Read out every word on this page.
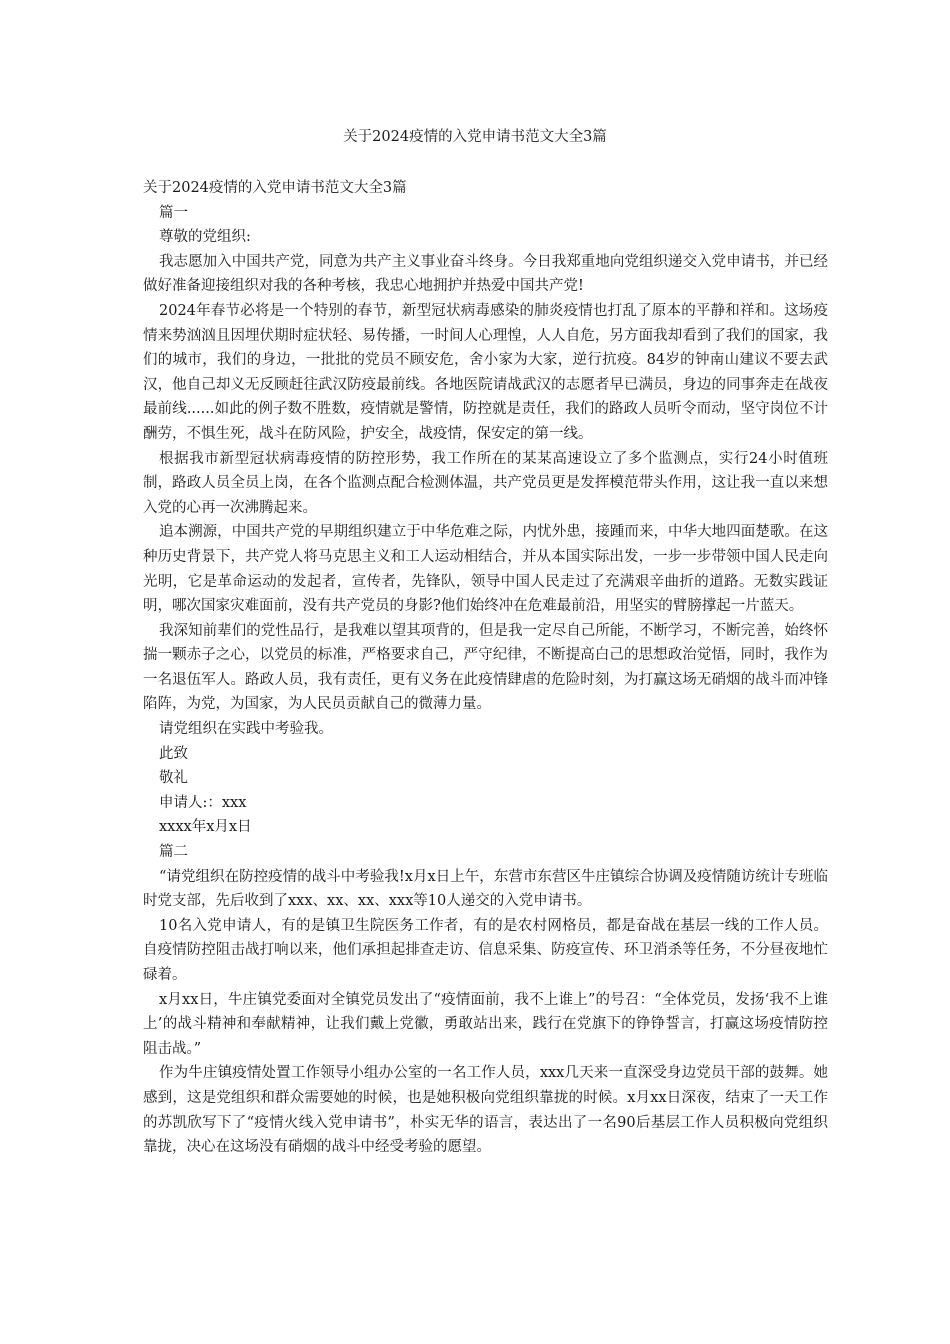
关于2024疫情的入党申请书范文大全3篇

关于2024疫情的入党申请书范文大全3篇

篇一

尊敬的党组织:

我志愿加入中国共产党，同意为共产主义事业奋斗终身。今日我郑重地向党组织递交入党申请书，并已经做好准备迎接组织对我的各种考核，我忠心地拥护并热爱中国共产党!

2024年春节必将是一个特别的春节，新型冠状病毒感染的肺炎疫情也打乱了原本的平静和祥和。这场疫情来势汹汹且因埋伏期时症状轻、易传播，一时间人心理惶，人人自危，另方面我却看到了我们的国家，我们的城市，我们的身边，一批批的党员不顾安危，舍小家为大家，逆行抗疫。84岁的钟南山建议不要去武汉，他自己却义无反顾赶往武汉防疫最前线。各地医院请战武汉的志愿者早已满员，身边的同事奔走在战夜最前线......如此的例子数不胜数，疫情就是警情，防控就是责任，我们的路政人员听令而动，坚守岗位不计酬劳，不惧生死，战斗在防风险，护安全，战疫情，保安定的第一线。

根据我市新型冠状病毒疫情的防控形势，我工作所在的某某高速设立了多个监测点，实行24小时值班制，路政人员全员上岗，在各个监测点配合检测体温，共产党员更是发挥模范带头作用，这让我一直以来想入党的心再一次沸腾起来。

追本溯源，中国共产党的早期组织建立于中华危难之际，内忧外患，接踵而来，中华大地四面楚歌。在这种历史背景下，共产党人将马克思主义和工人运动相结合，并从本国实际出发，一步一步带领中国人民走向光明，它是革命运动的发起者，宣传者，先锋队，领导中国人民走过了充满艰辛曲折的道路。无数实践证明，哪次国家灾难面前，没有共产党员的身影?他们始终冲在危难最前沿，用坚实的臂膀撑起一片蓝天。

我深知前辈们的党性品行，是我难以望其项背的，但是我一定尽自己所能，不断学习，不断完善，始终怀揣一颗赤子之心，以党员的标准，严格要求自己，严守纪律，不断提高白己的思想政治觉悟，同时，我作为一名退伍军人。路政人员，我有责任，更有义务在此疫情肆虐的危险时刻，为打赢这场无硝烟的战斗而冲锋陷阵，为党，为国家，为人民员贡献自己的微薄力量。

请党组织在实践中考验我。

此致

敬礼

申请人:：xxx

xxxx年x月x日

篇二

“请党组织在防控疫情的战斗中考验我!x月x日上午，东营市东营区牛庄镇综合协调及疫情随访统计专班临时党支部，先后收到了xxx、xx、xx、xxx等10人递交的入党申请书。

10名入党申请人，有的是镇卫生院医务工作者，有的是农村网格员，都是奋战在基层一线的工作人员。自疫情防控阻击战打响以来，他们承担起排查走访、信息采集、防疫宣传、环卫消杀等任务，不分昼夜地忙碌着。

x月xx日，牛庄镇党委面对全镇党员发出了“疫情面前，我不上谁上”的号召：“全体党员，发扬‘我不上谁上’的战斗精神和奉献精神，让我们戴上党徽，勇敢站出来，践行在党旗下的铮铮誓言，打赢这场疫情防控阻击战。”

作为牛庄镇疫情处置工作领导小组办公室的一名工作人员，xxx几天来一直深受身边党员干部的鼓舞。她感到，这是党组织和群众需要她的时候，也是她积极向党组织靠拢的时候。x月xx日深夜，结束了一天工作的苏凯欣写下了“疫情火线入党申请书”，朴实无华的语言，表达出了一名90后基层工作人员积极向党组织靠拢，决心在这场没有硝烟的战斗中经受考验的愿望。
